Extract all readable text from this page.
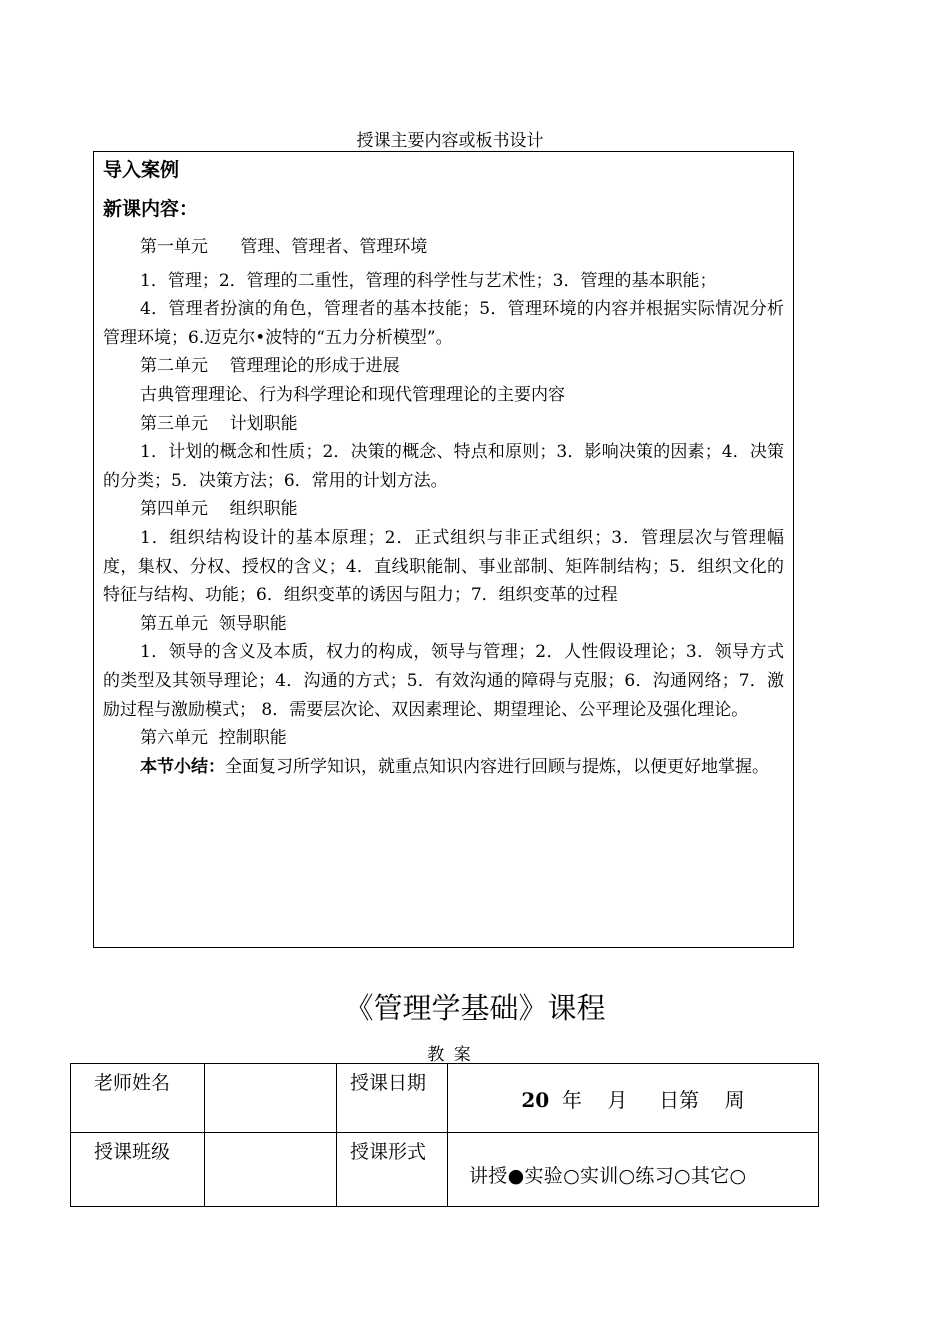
授课主要内容或板书设计
导入案例
新课内容：

第一单元      管理、管理者、管理环境

1．管理；2．管理的二重性，管理的科学性与艺术性；3．管理的基本职能；

4．管理者扮演的角色，管理者的基本技能；5．管理环境的内容并根据实际情况分析管理环境；6.迈克尔•波特的“五力分析模型”。

第二单元    管理理论的形成于进展

古典管理理论、行为科学理论和现代管理理论的主要内容

第三单元    计划职能

1．计划的概念和性质；2．决策的概念、特点和原则；3．影响决策的因素；4．决策的分类；5．决策方法；6．常用的计划方法。

第四单元    组织职能

1．组织结构设计的基本原理；2．正式组织与非正式组织；3．管理层次与管理幅度，集权、分权、授权的含义；4．直线职能制、事业部制、矩阵制结构；5．组织文化的特征与结构、功能；6．组织变革的诱因与阻力；7．组织变革的过程

第五单元  领导职能

1．领导的含义及本质，权力的构成，领导与管理；2．人性假设理论；3．领导方式的类型及其领导理论；4．沟通的方式；5．有效沟通的障碍与克服；6．沟通网络；7．激励过程与激励模式； 8．需要层次论、双因素理论、期望理论、公平理论及强化理论。

第六单元  控制职能

本节小结：全面复习所学知识，就重点知识内容进行回顾与提炼，以便更好地掌握。

《管理学基础》课程
教 案
老师姓名		授课日期	20  年    月     日第    周
授课班级		授课形式	讲授●实验○实训○练习○其它○
